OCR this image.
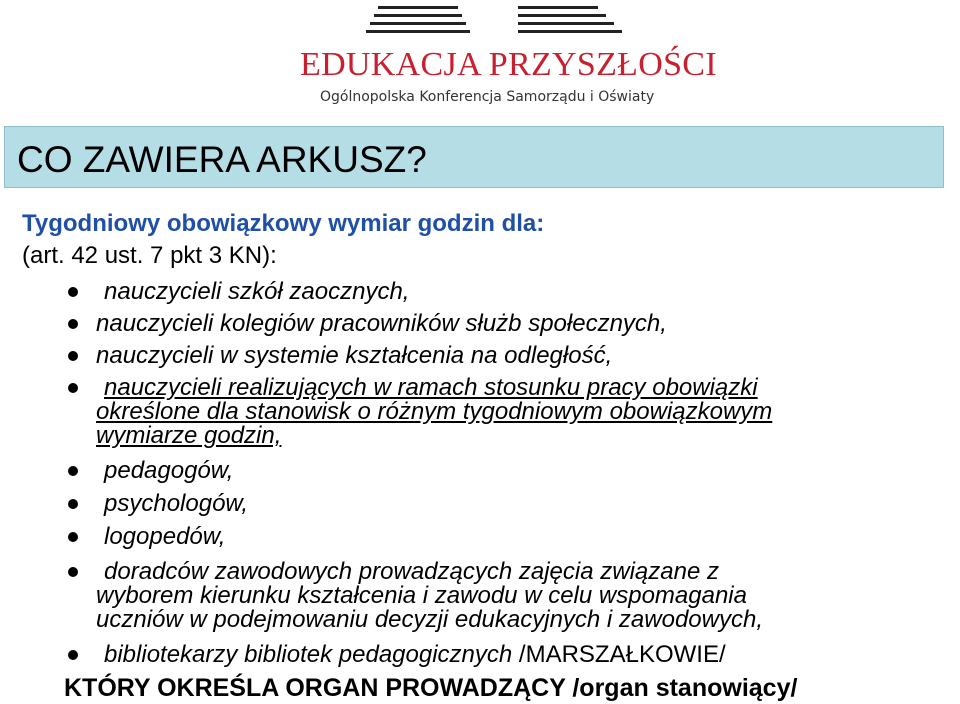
EDUKACJA PRZYSZŁOŚCI
Ogólnopolska Konferencja Samorządu i Oświaty
CO ZAWIERA ARKUSZ?
Tygodniowy obowiązkowy wymiar godzin dla:
(art. 42 ust. 7 pkt 3 KN):
nauczycieli szkół zaocznych,
nauczycieli kolegiów pracowników służb społecznych,
nauczycieli w systemie kształcenia na odległość,
nauczycieli realizujących w ramach stosunku pracy obowiązki
określone dla stanowisk o różnym tygodniowym obowiązkowym
wymiarze godzin,
pedagogów,
psychologów,
logopedów,
doradców zawodowych prowadzących zajęcia związane z
wyborem kierunku kształcenia i zawodu w celu wspomagania
uczniów w podejmowaniu decyzji edukacyjnych i zawodowych,
bibliotekarzy bibliotek pedagogicznych /MARSZAŁKOWIE/
KTÓRY OKREŚLA ORGAN PROWADZĄCY /organ stanowiący/
